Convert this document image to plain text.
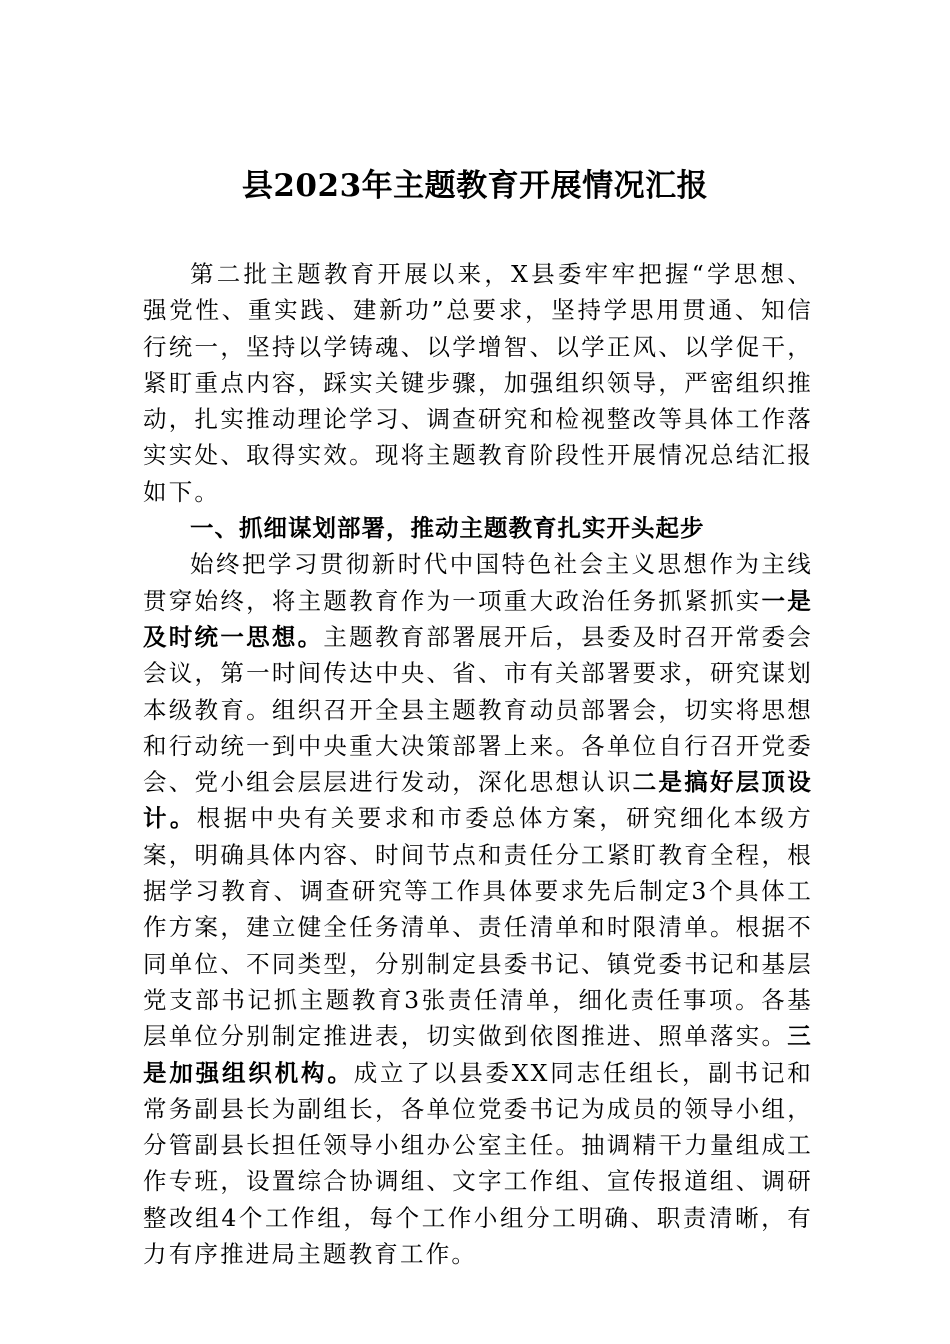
县2023年主题教育开展情况汇报

第二批主题教育开展以来，X县委牢牢把握“学思想、强党性、重实践、建新功”总要求，坚持学思用贯通、知信行统一，坚持以学铸魂、以学增智、以学正风、以学促干，紧盯重点内容，踩实关键步骤，加强组织领导，严密组织推动，扎实推动理论学习、调查研究和检视整改等具体工作落实实处、取得实效。现将主题教育阶段性开展情况总结汇报如下。

一、抓细谋划部署，推动主题教育扎实开头起步

始终把学习贯彻新时代中国特色社会主义思想作为主线贯穿始终，将主题教育作为一项重大政治任务抓紧抓实一是及时统一思想。主题教育部署展开后，县委及时召开常委会会议，第一时间传达中央、省、市有关部署要求，研究谋划本级教育。组织召开全县主题教育动员部署会，切实将思想和行动统一到中央重大决策部署上来。各单位自行召开党委会、党小组会层层进行发动，深化思想认识二是搞好层顶设计。根据中央有关要求和市委总体方案，研究细化本级方案，明确具体内容、时间节点和责任分工紧盯教育全程，根据学习教育、调查研究等工作具体要求先后制定3个具体工作方案，建立健全任务清单、责任清单和时限清单。根据不同单位、不同类型，分别制定县委书记、镇党委书记和基层党支部书记抓主题教育3张责任清单，细化责任事项。各基层单位分别制定推进表，切实做到依图推进、照单落实。三是加强组织机构。成立了以县委XX同志任组长，副书记和常务副县长为副组长，各单位党委书记为成员的领导小组，分管副县长担任领导小组办公室主任。抽调精干力量组成工作专班，设置综合协调组、文字工作组、宣传报道组、调研整改组4个工作组，每个工作小组分工明确、职责清晰，有力有序推进局主题教育工作。
